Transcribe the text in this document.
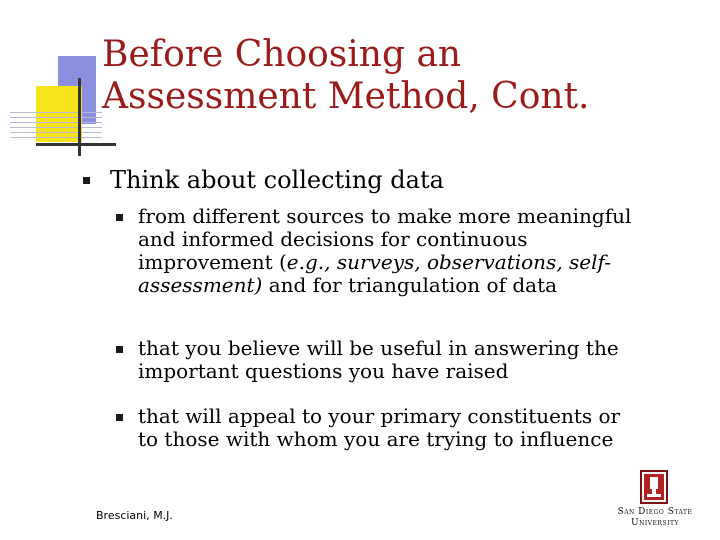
Before Choosing an
Assessment Method, Cont.
Think about collecting data
from different sources to make more meaningful
and informed decisions for continuous
improvement (e.g., surveys, observations, self-
assessment) and for triangulation of data
that you believe will be useful in answering the
important questions you have raised
that will appeal to your primary constituents or
to those with whom you are trying to influence
Bresciani, M.J.	San Diego State
University
